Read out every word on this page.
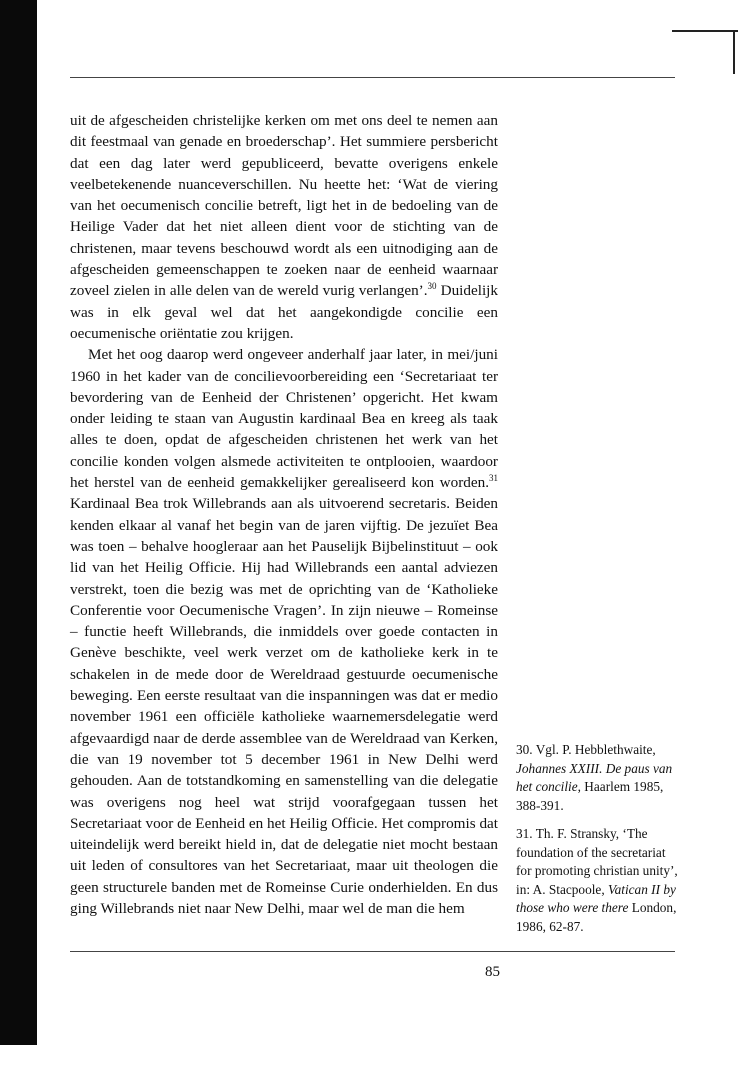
uit de afgescheiden christelijke kerken om met ons deel te nemen aan dit feestmaal van genade en broederschap’. Het summiere persbericht dat een dag later werd gepubliceerd, bevatte overigens enkele veelbetekenende nuanceverschillen. Nu heette het: ‘Wat de viering van het oecumenisch concilie betreft, ligt het in de bedoeling van de Heilige Vader dat het niet alleen dient voor de stichting van de christenen, maar tevens beschouwd wordt als een uitnodiging aan de afgescheiden gemeenschappen te zoeken naar de eenheid waarnaar zoveel zielen in alle delen van de wereld vurig verlangen’.$^{30}$ Duidelijk was in elk geval wel dat het aangekondigde concilie een oecumenische oriëntatie zou krijgen.

Met het oog daarop werd ongeveer anderhalf jaar later, in mei/juni 1960 in het kader van de concilievoorbereiding een ‘Secretariaat ter bevordering van de Eenheid der Christenen’ opgericht. Het kwam onder leiding te staan van Augustin kardinaal Bea en kreeg als taak alles te doen, opdat de afgescheiden christenen het werk van het concilie konden volgen alsmede activiteiten te ontplooien, waardoor het herstel van de eenheid gemakkelijker gerealiseerd kon worden.$^{31}$ Kardinaal Bea trok Willebrands aan als uitvoerend secretaris. Beiden kenden elkaar al vanaf het begin van de jaren vijftig. De jezuïet Bea was toen – behalve hoogleraar aan het Pauselijk Bijbelinstituut – ook lid van het Heilig Officie. Hij had Willebrands een aantal adviezen verstrekt, toen die bezig was met de oprichting van de ‘Katholieke Conferentie voor Oecumenische Vragen’. In zijn nieuwe – Romeinse – functie heeft Willebrands, die inmiddels over goede contacten in Genève beschikte, veel werk verzet om de katholieke kerk in te schakelen in de mede door de Wereldraad gestuurde oecumenische beweging. Een eerste resultaat van die inspanningen was dat er medio november 1961 een officiële katholieke waarnemersdelegatie werd afgevaardigd naar de derde assemblee van de Wereldraad van Kerken, die van 19 november tot 5 december 1961 in New Delhi werd gehouden. Aan de totstandkoming en samenstelling van die delegatie was overigens nog heel wat strijd voorafgegaan tussen het Secretariaat voor de Eenheid en het Heilig Officie. Het compromis dat uiteindelijk werd bereikt hield in, dat de delegatie niet mocht bestaan uit leden of consultores van het Secretariaat, maar uit theologen die geen structurele banden met de Romeinse Curie onderhielden. En dus ging Willebrands niet naar New Delhi, maar wel de man die hem

30. Vgl. P. Hebblethwaite, Johannes XXIII. De paus van het concilie, Haarlem 1985, 388-391.

31. Th. F. Stransky, ‘The foundation of the secretariat for promoting christian unity’, in: A. Stacpoole, Vatican II by those who were there London, 1986, 62-87.

85
